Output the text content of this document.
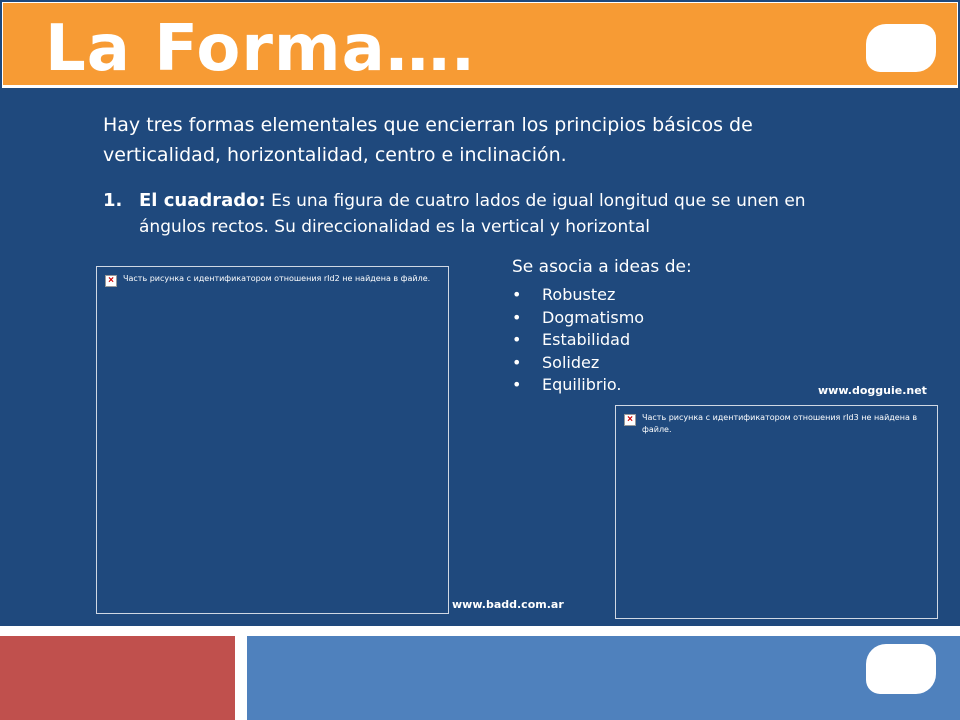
La Forma….
Hay tres formas elementales que encierran los principios básicos de verticalidad, horizontalidad, centro e inclinación.
1. El cuadrado: Es una figura de cuatro lados de igual longitud que se unen en ángulos rectos. Su direccionalidad es la vertical y horizontal
Se asocia a ideas de:
• Robustez
• Dogmatismo
• Estabilidad
• Solidez
• Equilibrio.
× Часть рисунка с идентификатором отношения rId2 не найдена в файле.
www.badd.com.ar
www.dogguie.net
× Часть рисунка с идентификатором отношения rId3 не найдена в файле.
